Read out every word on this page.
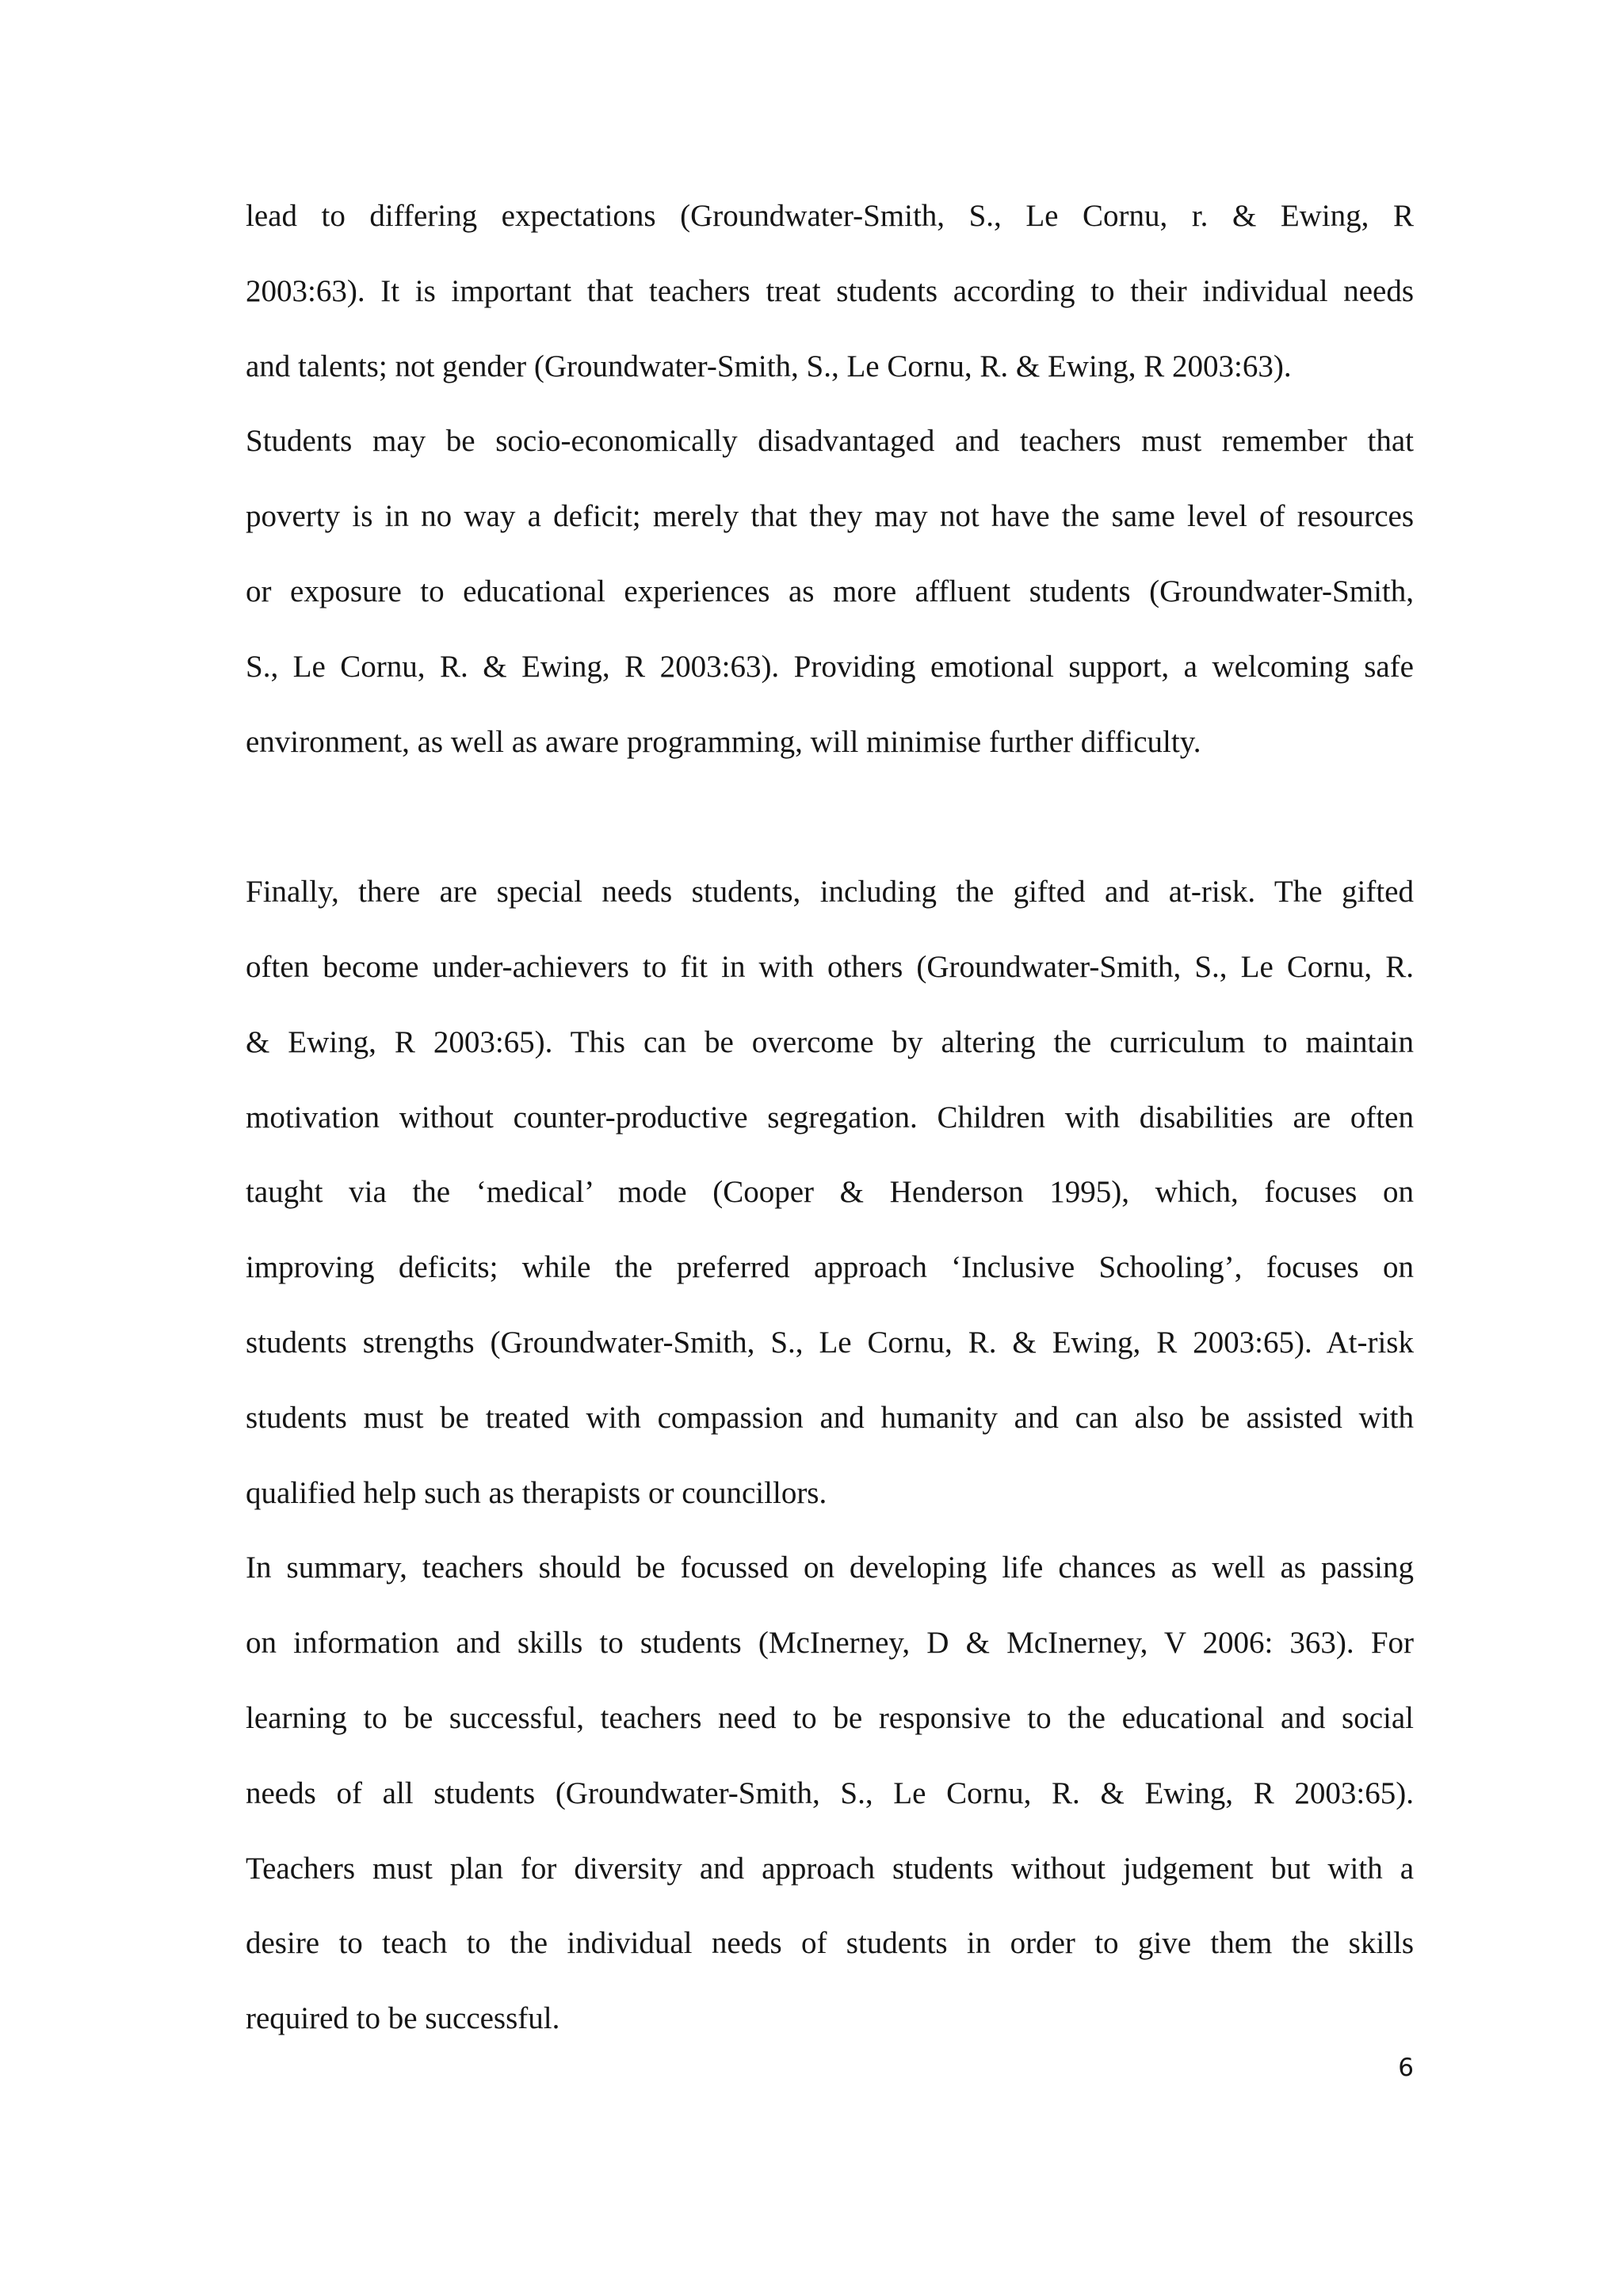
lead to differing expectations (Groundwater-Smith, S., Le Cornu, r. & Ewing, R
2003:63). It is important that teachers treat students according to their individual needs
and talents; not gender (Groundwater-Smith, S., Le Cornu, R. & Ewing, R 2003:63).
Students may be socio-economically disadvantaged and teachers must remember that
poverty is in no way a deficit; merely that they may not have the same level of resources
or exposure to educational experiences as more affluent students (Groundwater-Smith,
S., Le Cornu, R. & Ewing, R 2003:63). Providing emotional support, a welcoming safe
environment, as well as aware programming, will minimise further difficulty.
Finally, there are special needs students, including the gifted and at-risk. The gifted
often become under-achievers to fit in with others (Groundwater-Smith, S., Le Cornu, R.
& Ewing, R 2003:65). This can be overcome by altering the curriculum to maintain
motivation without counter-productive segregation. Children with disabilities are often
taught via the ‘medical’ mode (Cooper & Henderson 1995), which, focuses on
improving deficits; while the preferred approach ‘Inclusive Schooling’, focuses on
students strengths (Groundwater-Smith, S., Le Cornu, R. & Ewing, R 2003:65). At-risk
students must be treated with compassion and humanity and can also be assisted with
qualified help such as therapists or councillors.
In summary, teachers should be focussed on developing life chances as well as passing
on information and skills to students (McInerney, D & McInerney, V 2006: 363). For
learning to be successful, teachers need to be responsive to the educational and social
needs of all students (Groundwater-Smith, S., Le Cornu, R. & Ewing, R 2003:65).
Teachers must plan for diversity and approach students without judgement but with a
desire to teach to the individual needs of students in order to give them the skills
required to be successful.
6
